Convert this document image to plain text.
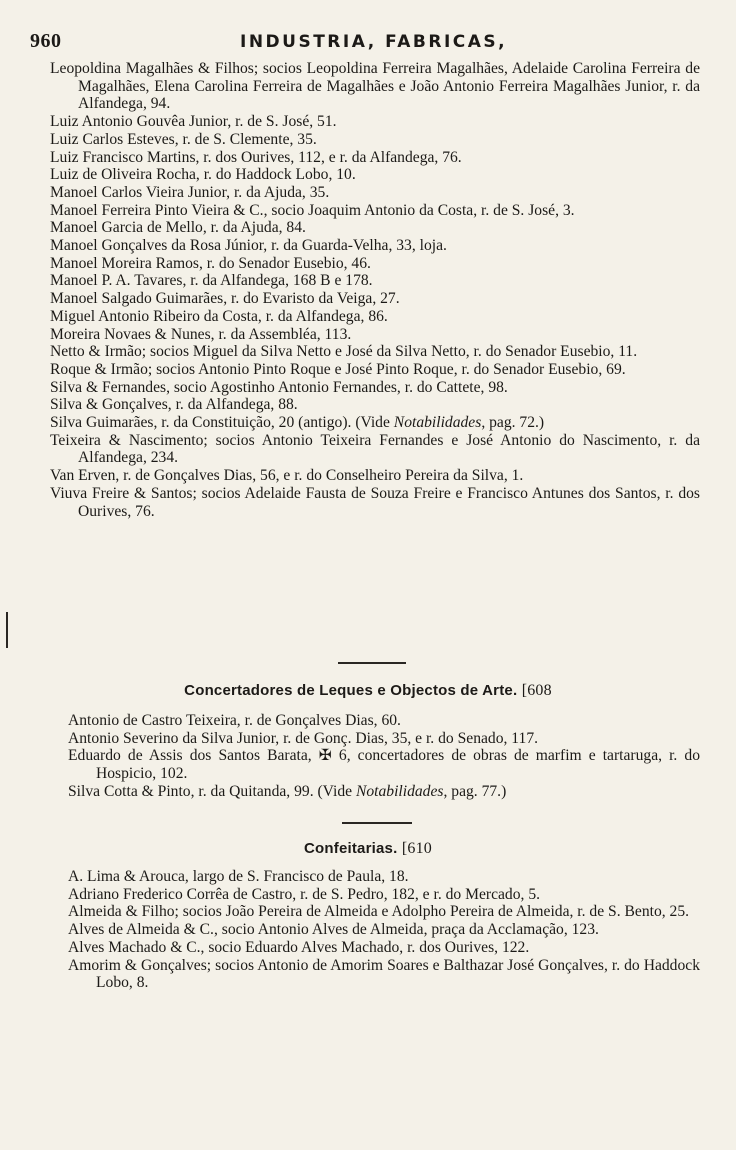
960	INDUSTRIA, FABRICAS,
Leopoldina Magalhães & Filhos; socios Leopoldina Ferreira Magalhães, Adelaide Carolina Ferreira de Magalhães, Elena Carolina Ferreira de Magalhães e João Antonio Ferreira Magalhães Junior, r. da Alfandega, 94.
Luiz Antonio Gouvêa Junior, r. de S. José, 51.
Luiz Carlos Esteves, r. de S. Clemente, 35.
Luiz Francisco Martins, r. dos Ourives, 112, e r. da Alfandega, 76.
Luiz de Oliveira Rocha, r. do Haddock Lobo, 10.
Manoel Carlos Vieira Junior, r. da Ajuda, 35.
Manoel Ferreira Pinto Vieira & C., socio Joaquim Antonio da Costa, r. de S. José, 3.
Manoel Garcia de Mello, r. da Ajuda, 84.
Manoel Gonçalves da Rosa Júnior, r. da Guarda-Velha, 33, loja.
Manoel Moreira Ramos, r. do Senador Eusebio, 46.
Manoel P. A. Tavares, r. da Alfandega, 168 B e 178.
Manoel Salgado Guimarães, r. do Evaristo da Veiga, 27.
Miguel Antonio Ribeiro da Costa, r. da Alfandega, 86.
Moreira Novaes & Nunes, r. da Assembléa, 113.
Netto & Irmão; socios Miguel da Silva Netto e José da Silva Netto, r. do Senador Eusebio, 11.
Roque & Irmão; socios Antonio Pinto Roque e José Pinto Roque, r. do Senador Eusebio, 69.
Silva & Fernandes, socio Agostinho Antonio Fernandes, r. do Cattete, 98.
Silva & Gonçalves, r. da Alfandega, 88.
Silva Guimarães, r. da Constituição, 20 (antigo). (Vide Notabilidades, pag. 72.)
Teixeira & Nascimento; socios Antonio Teixeira Fernandes e José Antonio do Nascimento, r. da Alfandega, 234.
Van Erven, r. de Gonçalves Dias, 56, e r. do Conselheiro Pereira da Silva, 1.
Viuva Freire & Santos; socios Adelaide Fausta de Souza Freire e Francisco Antunes dos Santos, r. dos Ourives, 76.
Concertadores de Leques e Objectos de Arte. [608
Antonio de Castro Teixeira, r. de Gonçalves Dias, 60.
Antonio Severino da Silva Junior, r. de Gonç. Dias, 35, e r. do Senado, 117.
Eduardo de Assis dos Santos Barata, ✠ 6, concertadores de obras de marfim e tartaruga, r. do Hospicio, 102.
Silva Cotta & Pinto, r. da Quitanda, 99. (Vide Notabilidades, pag. 77.)
Confeitarias. [610
A. Lima & Arouca, largo de S. Francisco de Paula, 18.
Adriano Frederico Corrêa de Castro, r. de S. Pedro, 182, e r. do Mercado, 5.
Almeida & Filho; socios João Pereira de Almeida e Adolpho Pereira de Almeida, r. de S. Bento, 25.
Alves de Almeida & C., socio Antonio Alves de Almeida, praça da Acclamação, 123.
Alves Machado & C., socio Eduardo Alves Machado, r. dos Ourives, 122.
Amorim & Gonçalves; socios Antonio de Amorim Soares e Balthazar José Gonçalves, r. do Haddock Lobo, 8.
